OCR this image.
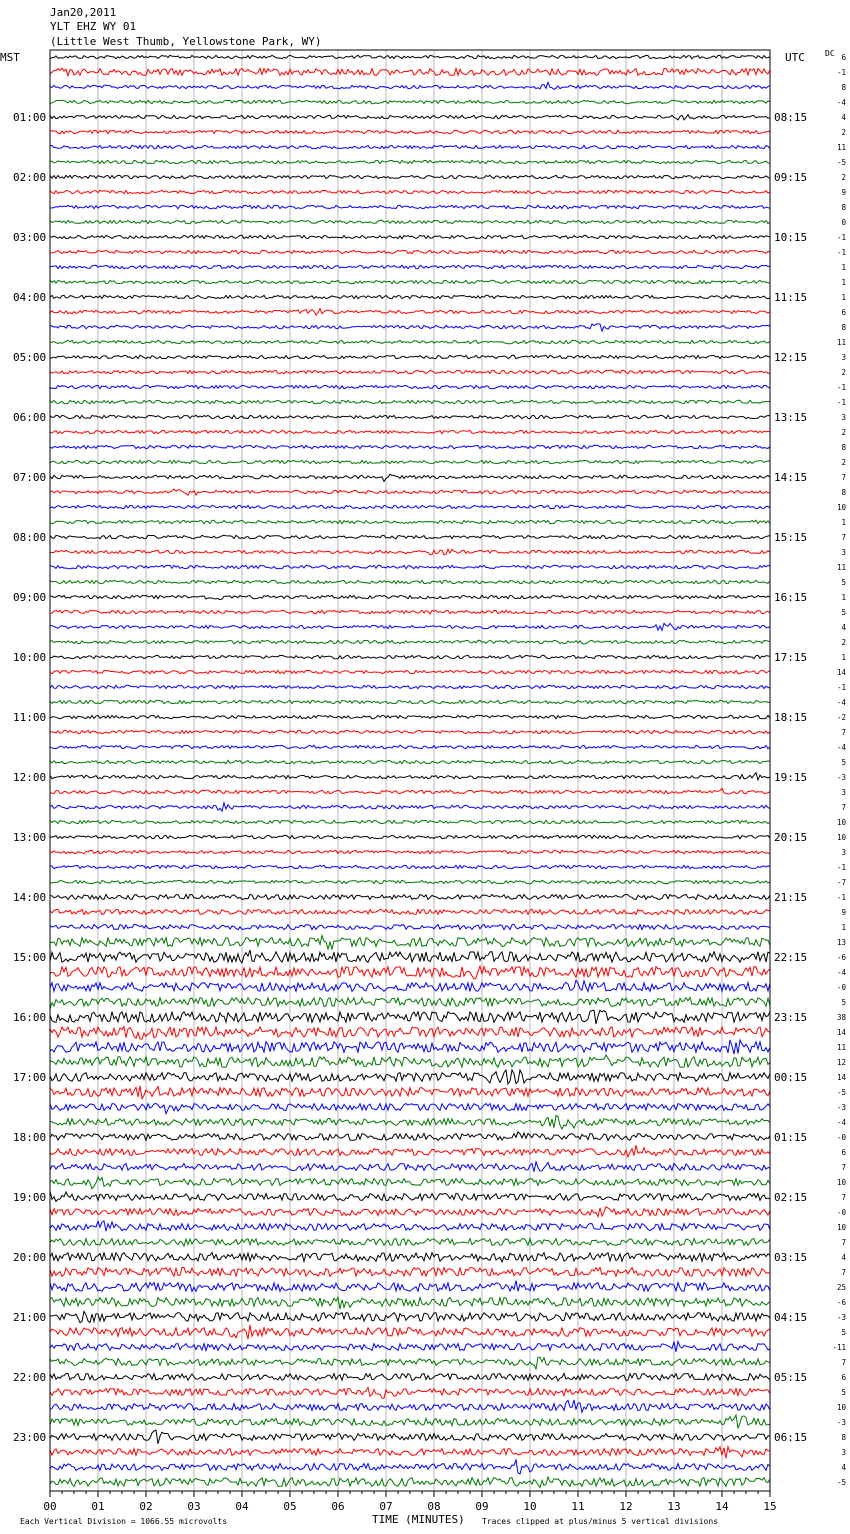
Jan20,2011
YLT EHZ WY 01
(Little West Thumb, Yellowstone Park, WY)
MST	UTC	DC
01:00
02:00
03:00
04:00
05:00
06:00
07:00
08:00
09:00
10:00
11:00
12:00
13:00
14:00
15:00
16:00
17:00
18:00
19:00
20:00
21:00
22:00
23:00
08:15
09:15
10:15
11:15
12:15
13:15
14:15
15:15
16:15
17:15
18:15
19:15
20:15
21:15
22:15
23:15
00:15
01:15
02:15
03:15
04:15
05:15
06:15
6
-1
8
-4
4
2
11
-5
2
9
8
0
-1
-1
1
1
1
6
8
11
3
2
-1
-1
3
2
8
2
7
8
10
1
7
3
11
5
1
5
4
2
1
14
-1
-4
-2
7
-4
5
-3
3
7
10
10
3
-1
-7
-1
9
1
13
-6
-4
-0
5
38
14
11
12
14
-5
-3
-4
-0
6
7
10
7
-0
10
7
4
7
25
-6
-3
5
-11
7
6
5
10
-3
8
3
4
-5
00	01	02	03	04	05	06	07	08	09	10	11	12	13	14	15
TIME (MINUTES)
Each Vertical Division = 1066.55 microvolts	Traces clipped at plus/minus 5 vertical divisions
